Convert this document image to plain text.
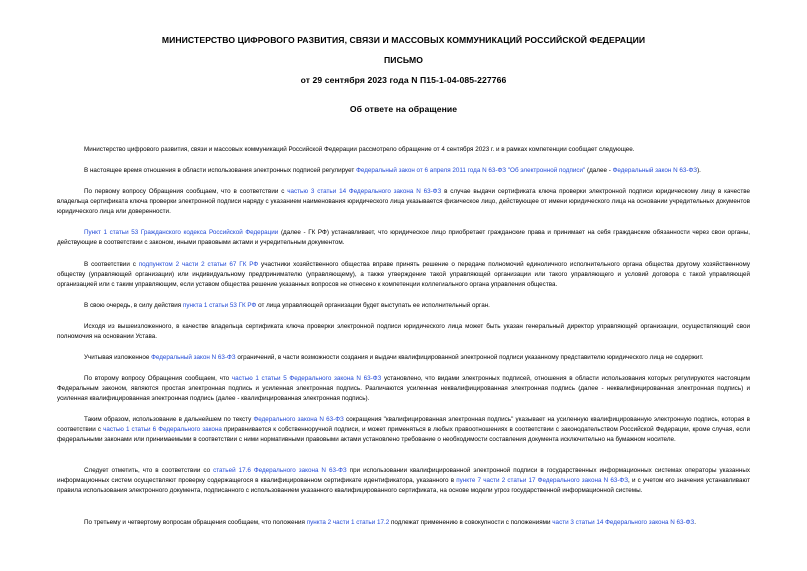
МИНИСТЕРСТВО ЦИФРОВОГО РАЗВИТИЯ, СВЯЗИ И МАССОВЫХ КОММУНИКАЦИЙ РОССИЙСКОЙ ФЕДЕРАЦИИ
ПИСЬМО
от 29 сентября 2023 года N П15-1-04-085-227766
Об ответе на обращение
Министерство цифрового развития, связи и массовых коммуникаций Российской Федерации рассмотрело обращение от 4 сентября 2023 г. и в рамках компетенции сообщает следующее.
В настоящее время отношения в области использования электронных подписей регулирует Федеральный закон от 6 апреля 2011 года N 63-ФЗ "Об электронной подписи" (далее - Федеральный закон N 63-ФЗ).
По первому вопросу Обращения сообщаем, что в соответствии с частью 3 статьи 14 Федерального закона N 63-ФЗ в случае выдачи сертификата ключа проверки электронной подписи юридическому лицу в качестве владельца сертификата ключа проверки электронной подписи наряду с указанием наименования юридического лица указывается физическое лицо, действующее от имени юридического лица на основании учредительных документов юридического лица или доверенности.
Пункт 1 статьи 53 Гражданского кодекса Российской Федерации (далее - ГК РФ) устанавливает, что юридическое лицо приобретает гражданские права и принимает на себя гражданские обязанности через свои органы, действующие в соответствии с законом, иными правовыми актами и учредительным документом.
В соответствии с подпунктом 2 части 2 статьи 67 ГК РФ участники хозяйственного общества вправе принять решение о передаче полномочий единоличного исполнительного органа общества другому хозяйственному обществу (управляющей организации) или индивидуальному предпринимателю (управляющему), а также утверждение такой управляющей организации или такого управляющего и условий договора с такой управляющей организацией или с таким управляющим, если уставом общества решение указанных вопросов не отнесено к компетенции коллегиального органа управления общества.
В свою очередь, в силу действия пункта 1 статьи 53 ГК РФ от лица управляющей организации будет выступать ее исполнительный орган.
Исходя из вышеизложенного, в качестве владельца сертификата ключа проверки электронной подписи юридического лица может быть указан генеральный директор управляющей организации, осуществляющий свои полномочия на основании Устава.
Учитывая изложенное Федеральный закон N 63-ФЗ ограничений, в части возможности создания и выдачи квалифицированной электронной подписи указанному представителю юридического лица не содержит.
По второму вопросу Обращения сообщаем, что частью 1 статьи 5 Федерального закона N 63-ФЗ установлено, что видами электронных подписей, отношения в области использования которых регулируются настоящим Федеральным законом, являются простая электронная подпись и усиленная электронная подпись. Различаются усиленная неквалифицированная электронная подпись (далее - неквалифицированная электронная подпись) и усиленная квалифицированная электронная подпись (далее - квалифицированная электронная подпись).
Таким образом, использование в дальнейшем по тексту Федерального закона N 63-ФЗ сокращения "квалифицированная электронная подпись" указывает на усиленную квалифицированную электронную подпись, которая в соответствии с частью 1 статьи 6 Федерального закона приравнивается к собственноручной подписи, и может применяться в любых правоотношениях в соответствии с законодательством Российской Федерации, кроме случая, если федеральными законами или принимаемыми в соответствии с ними нормативными правовыми актами установлено требование о необходимости составления документа исключительно на бумажном носителе.
Следует отметить, что в соответствии со статьей 17.6 Федерального закона N 63-ФЗ при использовании квалифицированной электронной подписи в государственных информационных системах операторы указанных информационных систем осуществляют проверку содержащегося в квалифицированном сертификате идентификатора, указанного в пункте 7 части 2 статьи 17 Федерального закона N 63-ФЗ, и с учетом его значения устанавливают правила использования электронного документа, подписанного с использованием указанного квалифицированного сертификата, на основе модели угроз государственной информационной системы.
По третьему и четвертому вопросам обращения сообщаем, что положения пункта 2 части 1 статьи 17.2 подлежат применению в совокупности с положениями части 3 статьи 14 Федерального закона N 63-ФЗ.
